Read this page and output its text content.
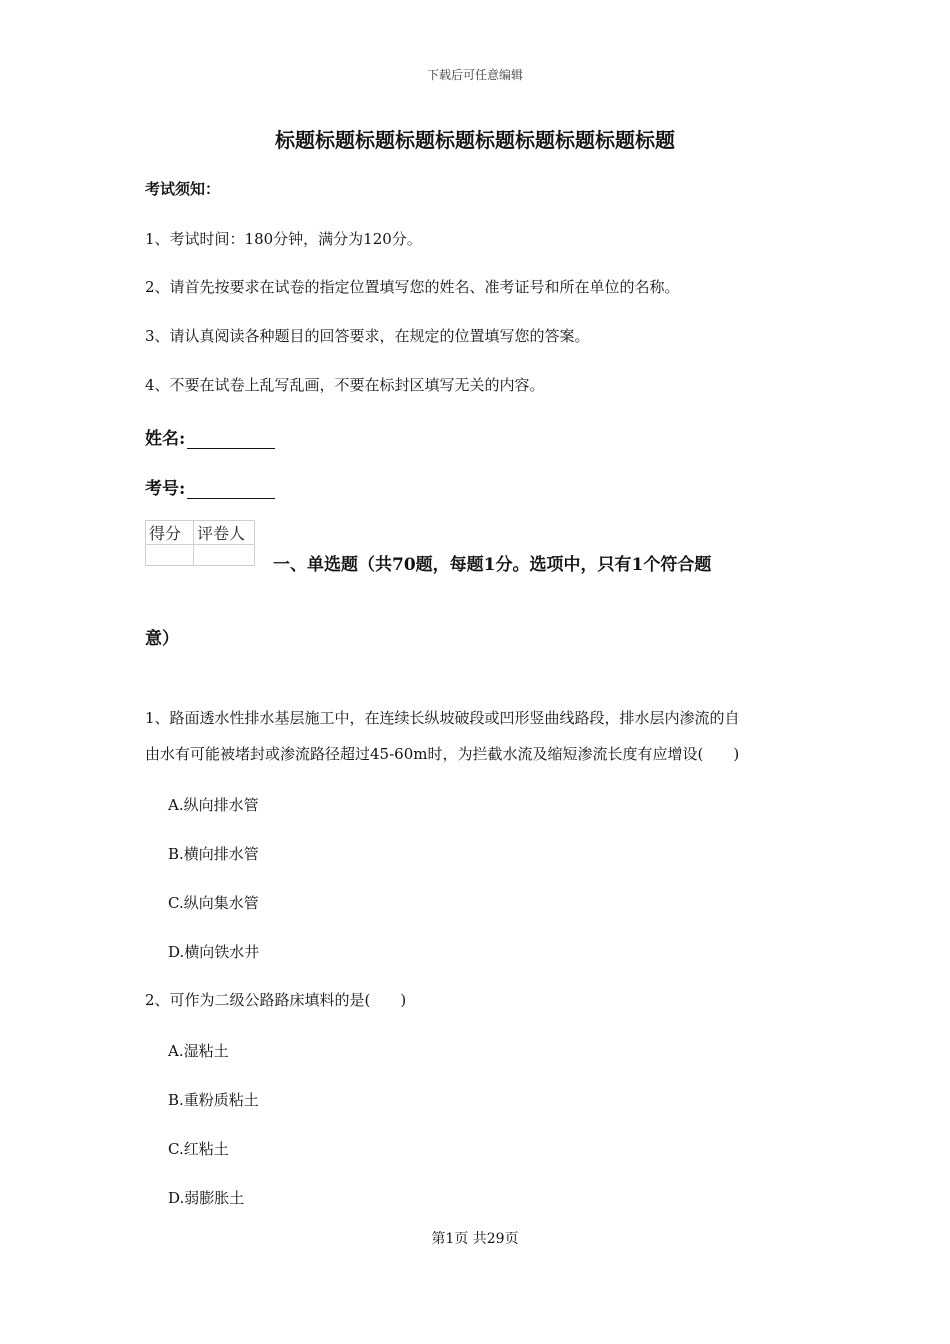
下载后可任意编辑
标题标题标题标题标题标题标题标题标题标题
考试须知：
1、考试时间：180分钟，满分为120分。
2、请首先按要求在试卷的指定位置填写您的姓名、准考证号和所在单位的名称。
3、请认真阅读各种题目的回答要求，在规定的位置填写您的答案。
4、不要在试卷上乱写乱画，不要在标封区填写无关的内容。
姓名:
考号:
得分	评卷人

一、单选题（共70题，每题1分。选项中，只有1个符合题
意）
1、路面透水性排水基层施工中，在连续长纵坡破段或凹形竖曲线路段，排水层内渗流的自
由水有可能被堵封或渗流路径超过45-60m时，为拦截水流及缩短渗流长度有应增设(　　)
A.纵向排水管
B.横向排水管
C.纵向集水管
D.横向铁水井
2、可作为二级公路路床填料的是(　　)
A.湿粘土
B.重粉质粘土
C.红粘土
D.弱膨胀土
第1页 共29页
